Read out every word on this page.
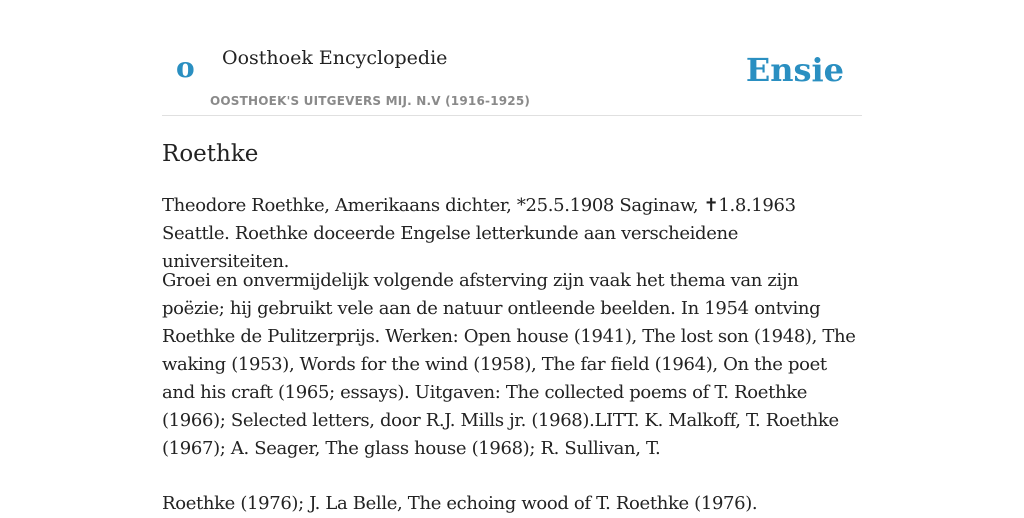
o Oosthoek Encyclopedie
OOSTHOEK'S UITGEVERS MIJ. N.V (1916-1925)
Ensie
Roethke

Theodore Roethke, Amerikaans dichter, *25.5.1908 Saginaw, ✝1.8.1963 Seattle. Roethke doceerde Engelse letterkunde aan verscheidene universiteiten.

Groei en onvermijdelijk volgende afsterving zijn vaak het thema van zijn poëzie; hij gebruikt vele aan de natuur ontleende beelden. In 1954 ontving Roethke de Pulitzerprijs. Werken: Open house (1941), The lost son (1948), The waking (1953), Words for the wind (1958), The far field (1964), On the poet and his craft (1965; essays). Uitgaven: The collected poems of T. Roethke (1966); Selected letters, door R.J. Mills jr. (1968).LITT. K. Malkoff, T. Roethke (1967); A. Seager, The glass house (1968); R. Sullivan, T.

Roethke (1976); J. La Belle, The echoing wood of T. Roethke (1976).
